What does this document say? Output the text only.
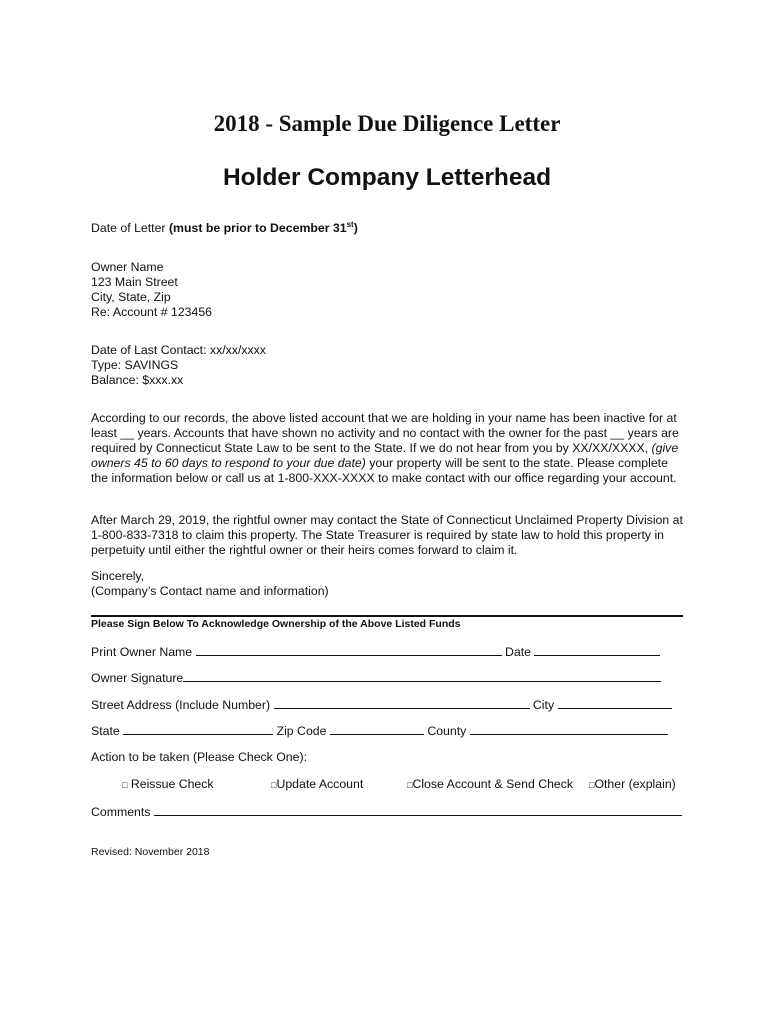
2018 - Sample Due Diligence Letter
Holder Company Letterhead
Date of Letter (must be prior to December 31st)
Owner Name
123 Main Street
City, State, Zip
Re: Account # 123456
Date of Last Contact: xx/xx/xxxx
Type: SAVINGS
Balance: $xxx.xx

According to our records, the above listed account that we are holding in your name has been inactive for at least __ years. Accounts that have shown no activity and no contact with the owner for the past __ years are required by Connecticut State Law to be sent to the State. If we do not hear from you by XX/XX/XXXX, (give owners 45 to 60 days to respond to your due date) your property will be sent to the state. Please complete the information below or call us at 1-800-XXX-XXXX to make contact with our office regarding your account.

After March 29, 2019, the rightful owner may contact the State of Connecticut Unclaimed Property Division at 1-800-833-7318 to claim this property. The State Treasurer is required by state law to hold this property in perpetuity until either the rightful owner or their heirs comes forward to claim it.

Sincerely,
(Company’s Contact name and information)
Please Sign Below To Acknowledge Ownership of the Above Listed Funds
Print Owner Name	Date
Owner Signature
Street Address (Include Number)	City
State	Zip Code	County
Action to be taken (Please Check One):
□ Reissue Check	□Update Account	□Close Account & Send Check □Other (explain)
Comments
Revised: November 2018
